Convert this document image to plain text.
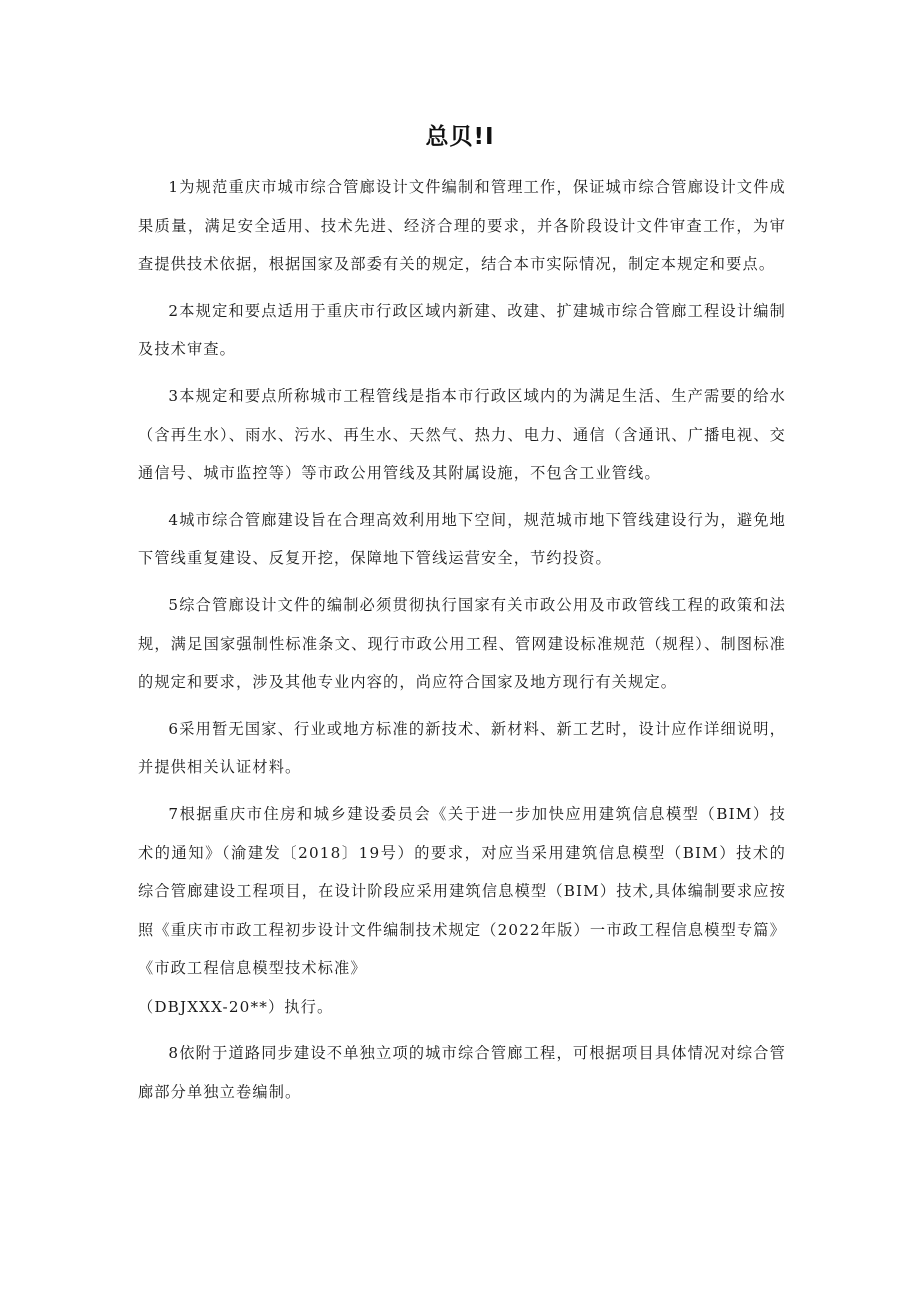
总贝!I

1为规范重庆市城市综合管廊设计文件编制和管理工作，保证城市综合管廊设计文件成果质量，满足安全适用、技术先进、经济合理的要求，并各阶段设计文件审查工作，为审查提供技术依据，根据国家及部委有关的规定，结合本市实际情况，制定本规定和要点。

2本规定和要点适用于重庆市行政区域内新建、改建、扩建城市综合管廊工程设计编制及技术审查。

3本规定和要点所称城市工程管线是指本市行政区域内的为满足生活、生产需要的给水（含再生水）、雨水、污水、再生水、天然气、热力、电力、通信（含通讯、广播电视、交通信号、城市监控等）等市政公用管线及其附属设施，不包含工业管线。

4城市综合管廊建设旨在合理高效利用地下空间，规范城市地下管线建设行为，避免地下管线重复建设、反复开挖，保障地下管线运营安全，节约投资。

5综合管廊设计文件的编制必须贯彻执行国家有关市政公用及市政管线工程的政策和法规，满足国家强制性标准条文、现行市政公用工程、管网建设标准规范（规程）、制图标准的规定和要求，涉及其他专业内容的，尚应符合国家及地方现行有关规定。

6采用暂无国家、行业或地方标准的新技术、新材料、新工艺时，设计应作详细说明，并提供相关认证材料。

7根据重庆市住房和城乡建设委员会《关于进一步加快应用建筑信息模型（BIM）技术的通知》（渝建发〔2018〕19号）的要求，对应当采用建筑信息模型（BIM）技术的综合管廊建设工程项目，在设计阶段应采用建筑信息模型（BIM）技术,具体编制要求应按照《重庆市市政工程初步设计文件编制技术规定（2022年版）一市政工程信息模型专篇》《市政工程信息模型技术标准》

（DBJXXX-20**）执行。

8依附于道路同步建设不单独立项的城市综合管廊工程，可根据项目具体情况对综合管廊部分单独立卷编制。
